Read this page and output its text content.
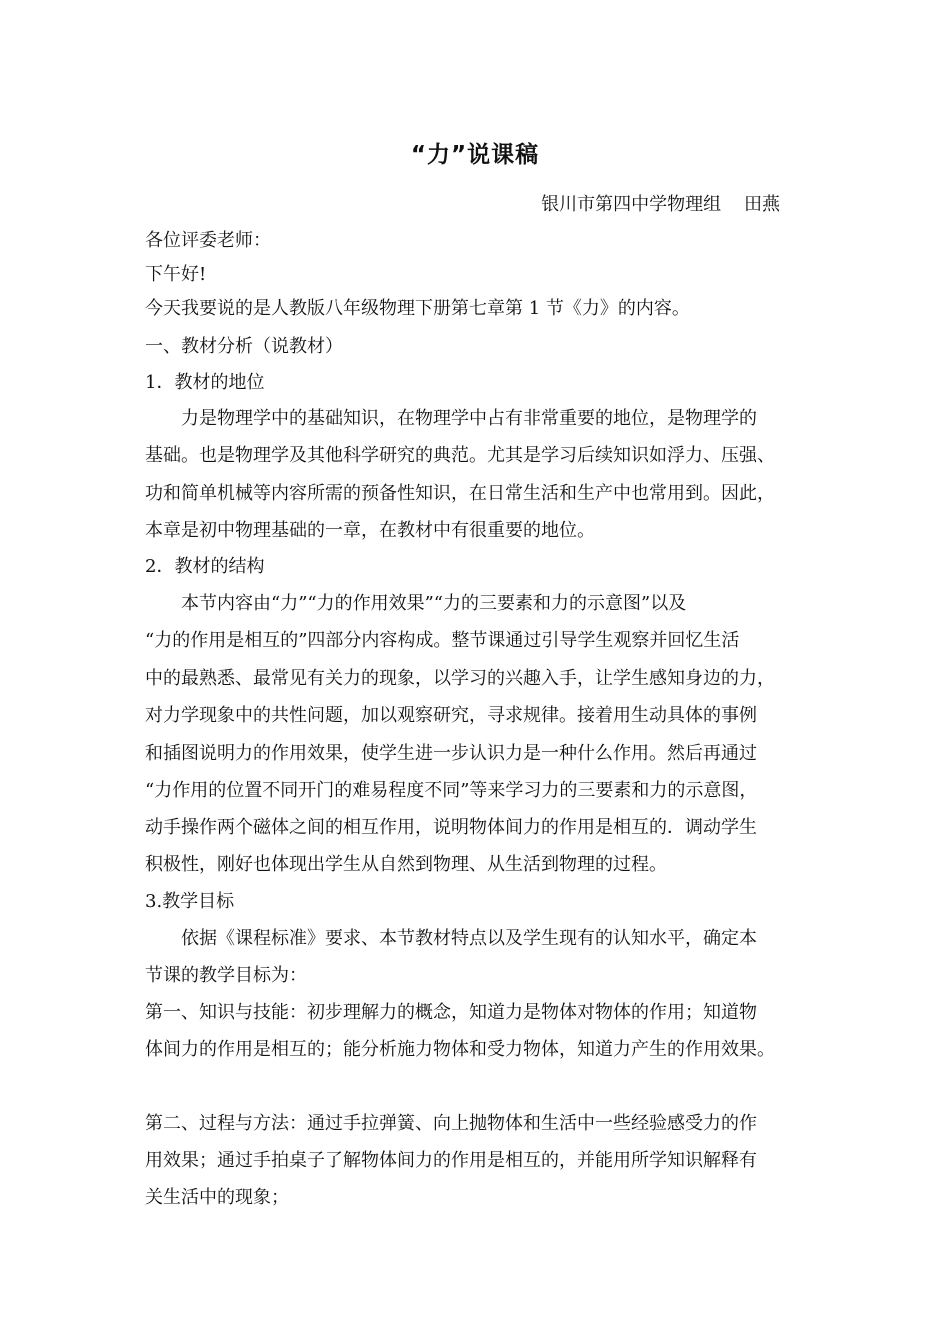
“力”说课稿
银川市第四中学物理组    田燕
各位评委老师：
下午好!
今天我要说的是人教版八年级物理下册第七章第 1 节《力》的内容。
一、教材分析（说教材）
1．教材的地位
力是物理学中的基础知识，在物理学中占有非常重要的地位，是物理学的
基础。也是物理学及其他科学研究的典范。尤其是学习后续知识如浮力、压强、
功和简单机械等内容所需的预备性知识，在日常生活和生产中也常用到。因此，
本章是初中物理基础的一章，在教材中有很重要的地位。
2．教材的结构
本节内容由“力”“力的作用效果”“力的三要素和力的示意图”以及
“力的作用是相互的”四部分内容构成。整节课通过引导学生观察并回忆生活
中的最熟悉、最常见有关力的现象，以学习的兴趣入手，让学生感知身边的力，
对力学现象中的共性问题，加以观察研究，寻求规律。接着用生动具体的事例
和插图说明力的作用效果，使学生进一步认识力是一种什么作用。然后再通过
“力作用的位置不同开门的难易程度不同”等来学习力的三要素和力的示意图，
动手操作两个磁体之间的相互作用，说明物体间力的作用是相互的．调动学生
积极性，刚好也体现出学生从自然到物理、从生活到物理的过程。
3.教学目标
依据《课程标准》要求、本节教材特点以及学生现有的认知水平，确定本
节课的教学目标为：
第一、知识与技能：初步理解力的概念，知道力是物体对物体的作用；知道物
体间力的作用是相互的；能分析施力物体和受力物体，知道力产生的作用效果。
第二、过程与方法：通过手拉弹簧、向上抛物体和生活中一些经验感受力的作
用效果；通过手拍桌子了解物体间力的作用是相互的，并能用所学知识解释有
关生活中的现象；
